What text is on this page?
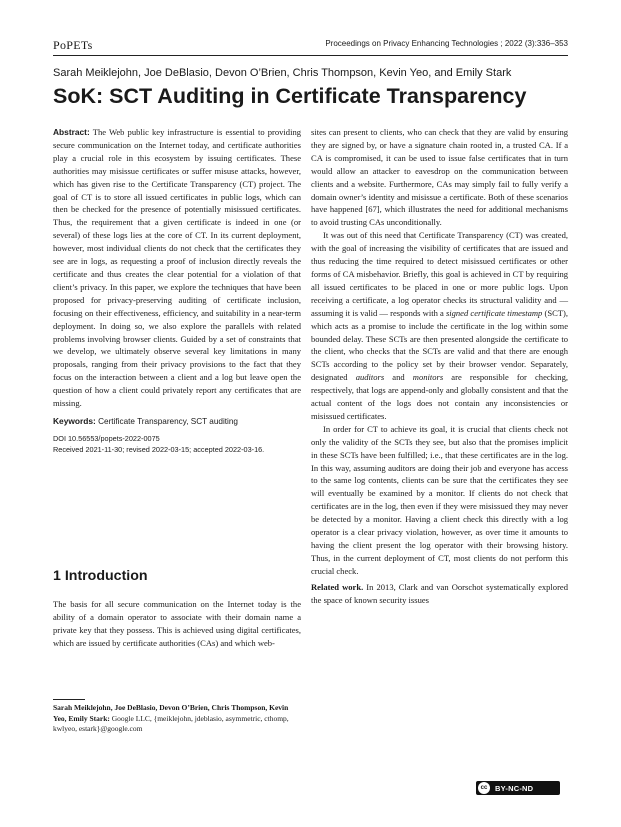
PoPETs	Proceedings on Privacy Enhancing Technologies ; 2022 (3):336–353
Sarah Meiklejohn, Joe DeBlasio, Devon O’Brien, Chris Thompson, Kevin Yeo, and Emily Stark
SoK: SCT Auditing in Certificate Transparency

Abstract: The Web public key infrastructure is essential to providing secure communication on the Internet today, and certificate authorities play a crucial role in this ecosystem by issuing certificates. These authorities may misissue certificates or suffer misuse attacks, however, which has given rise to the Certificate Transparency (CT) project. The goal of CT is to store all issued certificates in public logs, which can then be checked for the presence of potentially misissued certificates. Thus, the requirement that a given certificate is indeed in one (or several) of these logs lies at the core of CT. In its current deployment, however, most individual clients do not check that the certificates they see are in logs, as requesting a proof of inclusion directly reveals the certificate and thus creates the clear potential for a violation of that client’s privacy. In this paper, we explore the techniques that have been proposed for privacy-preserving auditing of certificate inclusion, focusing on their effectiveness, efficiency, and suitability in a near-term deployment. In doing so, we also explore the parallels with related problems involving browser clients. Guided by a set of constraints that we develop, we ultimately observe several key limitations in many proposals, ranging from their privacy provisions to the fact that they focus on the interaction between a client and a log but leave open the question of how a client could privately report any certificates that are missing.

Keywords: Certificate Transparency, SCT auditing

DOI 10.56553/popets-2022-0075

Received 2021-11-30; revised 2022-03-15; accepted 2022-03-16.

1 Introduction

The basis for all secure communication on the Internet today is the ability of a domain operator to associate with their domain name a private key that they possess. This is achieved using digital certificates, which are issued by certificate authorities (CAs) and which web-

Sarah Meiklejohn, Joe DeBlasio, Devon O’Brien, Chris Thompson, Kevin Yeo, Emily Stark: Google LLC, {meiklejohn, jdeblasio, asymmetric, cthomp, kwlyeo, estark}@google.com

sites can present to clients, who can check that they are valid by ensuring they are signed by, or have a signature chain rooted in, a trusted CA. If a CA is compromised, it can be used to issue false certificates that in turn would allow an attacker to eavesdrop on the communication between clients and a website. Furthermore, CAs may simply fail to fully verify a domain owner’s identity and misissue a certificate. Both of these scenarios have happened [67], which illustrates the need for additional mechanisms to avoid trusting CAs unconditionally.

It was out of this need that Certificate Transparency (CT) was created, with the goal of increasing the visibility of certificates that are issued and thus reducing the time required to detect misissued certificates or other forms of CA misbehavior. Briefly, this goal is achieved in CT by requiring all issued certificates to be placed in one or more public logs. Upon receiving a certificate, a log operator checks its structural validity and — assuming it is valid — responds with a signed certificate timestamp (SCT), which acts as a promise to include the certificate in the log within some bounded delay. These SCTs are then presented alongside the certificate to the client, who checks that the SCTs are valid and that there are enough SCTs according to the policy set by their browser vendor. Separately, designated auditors and monitors are responsible for checking, respectively, that logs are append-only and globally consistent and that the actual content of the logs does not contain any inconsistencies or misissued certificates.

In order for CT to achieve its goal, it is crucial that clients check not only the validity of the SCTs they see, but also that the promises implicit in these SCTs have been fulfilled; i.e., that these certificates are in the log. In this way, assuming auditors are doing their job and everyone has access to the same log contents, clients can be sure that the certificates they see will eventually be examined by a monitor. If clients do not check that certificates are in the log, then even if they were misissued they may never be detected by a monitor. Having a client check this directly with a log operator is a clear privacy violation, however, as over time it amounts to having the client present the log operator with their browsing history. Thus, in the current deployment of CT, most clients do not perform this crucial check.

Related work. In 2013, Clark and van Oorschot systematically explored the space of known security issues

cc	BY-NC-ND
